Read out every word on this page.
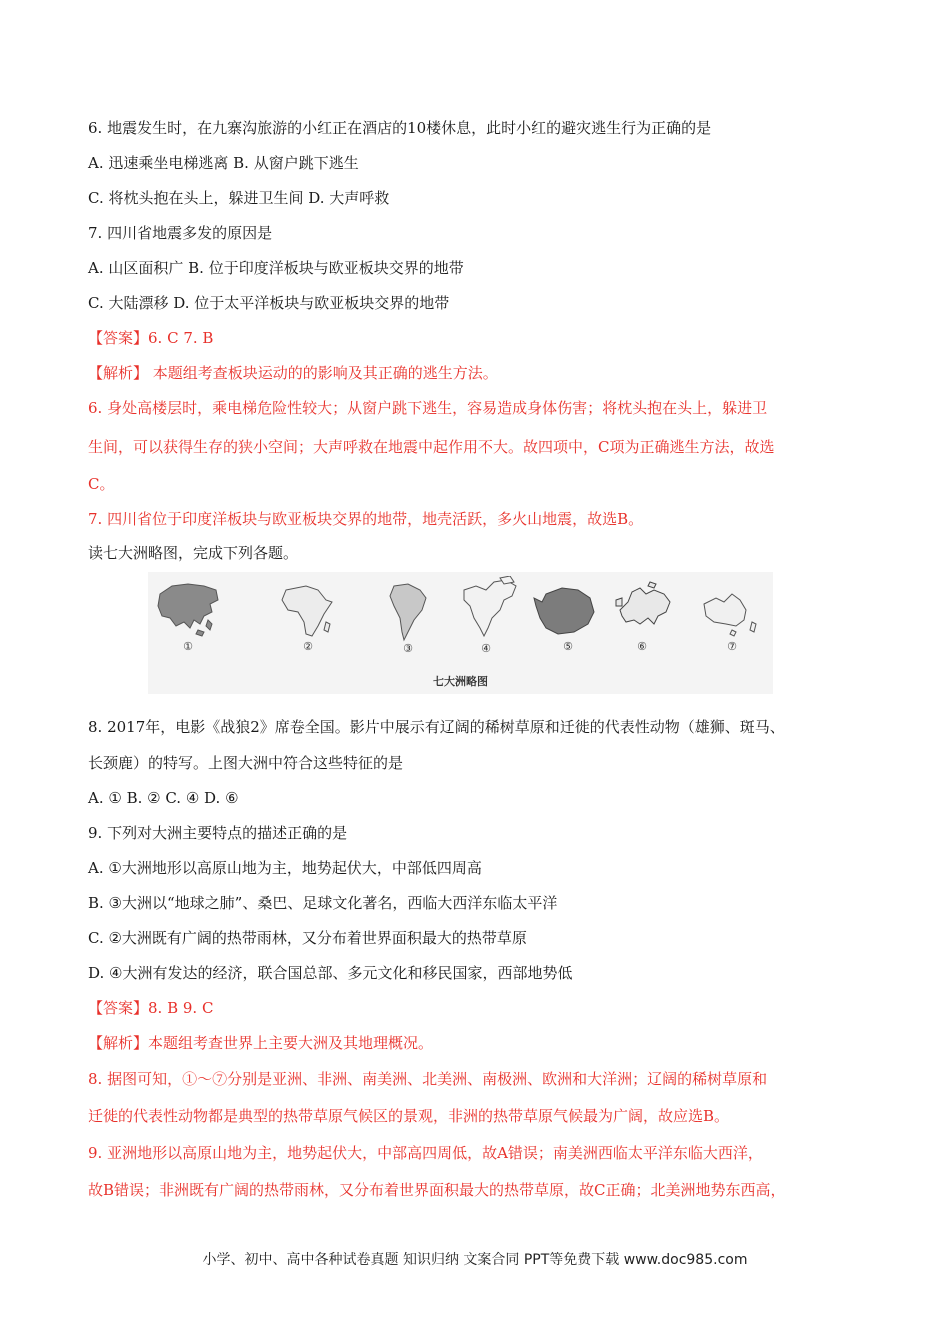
6. 地震发生时，在九寨沟旅游的小红正在酒店的10楼休息，此时小红的避灾逃生行为正确的是
A. 迅速乘坐电梯逃离 B. 从窗户跳下逃生
C. 将枕头抱在头上，躲进卫生间 D. 大声呼救
7. 四川省地震多发的原因是
A. 山区面积广 B. 位于印度洋板块与欧亚板块交界的地带
C. 大陆漂移 D. 位于太平洋板块与欧亚板块交界的地带
【答案】6. C 7. B
【解析】 本题组考查板块运动的的影响及其正确的逃生方法。
6. 身处高楼层时，乘电梯危险性较大；从窗户跳下逃生，容易造成身体伤害；将枕头抱在头上，躲进卫
生间，可以获得生存的狭小空间；大声呼救在地震中起作用不大。故四项中，C项为正确逃生方法，故选
C。
7. 四川省位于印度洋板块与欧亚板块交界的地带，地壳活跃，多火山地震，故选B。
读七大洲略图，完成下列各题。
①	②	③	④	⑤	⑥	⑦
七大洲略图
8. 2017年，电影《战狼2》席卷全国。影片中展示有辽阔的稀树草原和迁徙的代表性动物（雄狮、斑马、
长颈鹿）的特写。上图大洲中符合这些特征的是
A. ① B. ② C. ④ D. ⑥
9. 下列对大洲主要特点的描述正确的是
A. ①大洲地形以高原山地为主，地势起伏大，中部低四周高
B. ③大洲以“地球之肺”、桑巴、足球文化著名，西临大西洋东临太平洋
C. ②大洲既有广阔的热带雨林，又分布着世界面积最大的热带草原
D. ④大洲有发达的经济，联合国总部、多元文化和移民国家，西部地势低
【答案】8. B 9. C
【解析】本题组考查世界上主要大洲及其地理概况。
8. 据图可知，①～⑦分别是亚洲、非洲、南美洲、北美洲、南极洲、欧洲和大洋洲；辽阔的稀树草原和
迁徙的代表性动物都是典型的热带草原气候区的景观，非洲的热带草原气候最为广阔，故应选B。
9. 亚洲地形以高原山地为主，地势起伏大，中部高四周低，故A错误；南美洲西临太平洋东临大西洋，
故B错误；非洲既有广阔的热带雨林，又分布着世界面积最大的热带草原，故C正确；北美洲地势东西高，
小学、初中、高中各种试卷真题 知识归纳 文案合同 PPT等免费下载 www.doc985.com
